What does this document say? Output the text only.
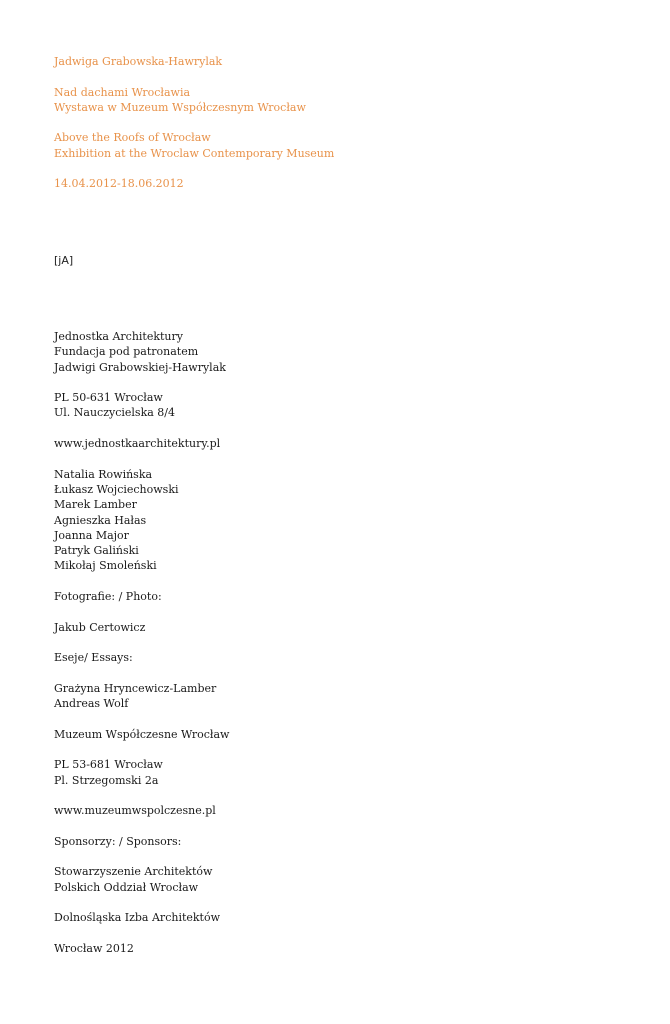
Jadwiga Grabowska-Hawrylak
Nad dachami Wrocławia
Wystawa w Muzeum Współczesnym Wrocław
Above the Roofs of Wrocław
Exhibition at the Wroclaw Contemporary Museum
14.04.2012-18.06.2012
[jA]
Jednostka Architektury
Fundacja pod patronatem
Jadwigi Grabowskiej-Hawrylak
PL 50-631 Wrocław
Ul. Nauczycielska 8/4
www.jednostkaarchitektury.pl
Natalia Rowińska
Łukasz Wojciechowski
Marek Lamber
Agnieszka Hałas
Joanna Major
Patryk Galiński
Mikołaj Smoleński
Fotografie: / Photo:
Jakub Certowicz
Eseje/ Essays:
Grażyna Hryncewicz-Lamber
Andreas Wolf
Muzeum Współczesne Wrocław
PL 53-681 Wrocław
Pl. Strzegomski 2a
www.muzeumwspolczesne.pl
Sponsorzy: / Sponsors:
Stowarzyszenie Architektów
Polskich Oddział Wrocław
Dolnośląska Izba Architektów
Wrocław 2012
